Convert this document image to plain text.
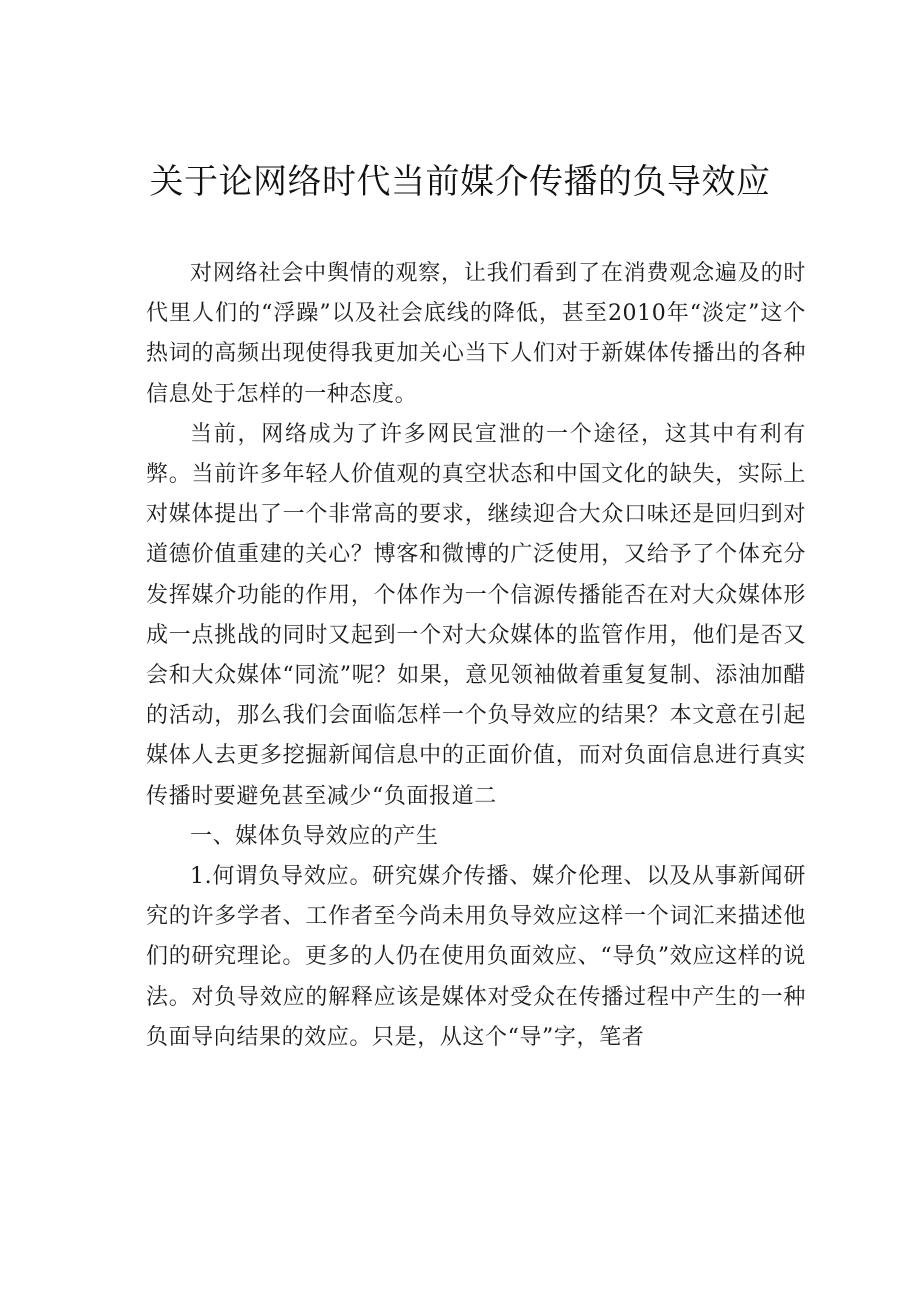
关于论网络时代当前媒介传播的负导效应

对网络社会中舆情的观察，让我们看到了在消费观念遍及的时代里人们的“浮躁”以及社会底线的降低，甚至2010年“淡定”这个热词的高频出现使得我更加关心当下人们对于新媒体传播出的各种信息处于怎样的一种态度。

当前，网络成为了许多网民宣泄的一个途径，这其中有利有弊。当前许多年轻人价值观的真空状态和中国文化的缺失，实际上对媒体提出了一个非常高的要求，继续迎合大众口味还是回归到对道德价值重建的关心？博客和微博的广泛使用，又给予了个体充分发挥媒介功能的作用，个体作为一个信源传播能否在对大众媒体形成一点挑战的同时又起到一个对大众媒体的监管作用，他们是否又会和大众媒体“同流”呢？如果，意见领袖做着重复复制、添油加醋的活动，那么我们会面临怎样一个负导效应的结果？本文意在引起媒体人去更多挖掘新闻信息中的正面价值，而对负面信息进行真实传播时要避免甚至减少“负面报道二

一、媒体负导效应的产生

1.何谓负导效应。研究媒介传播、媒介伦理、以及从事新闻研究的许多学者、工作者至今尚未用负导效应这样一个词汇来描述他们的研究理论。更多的人仍在使用负面效应、“导负”效应这样的说法。对负导效应的解释应该是媒体对受众在传播过程中产生的一种负面导向结果的效应。只是，从这个“导”字，笔者
